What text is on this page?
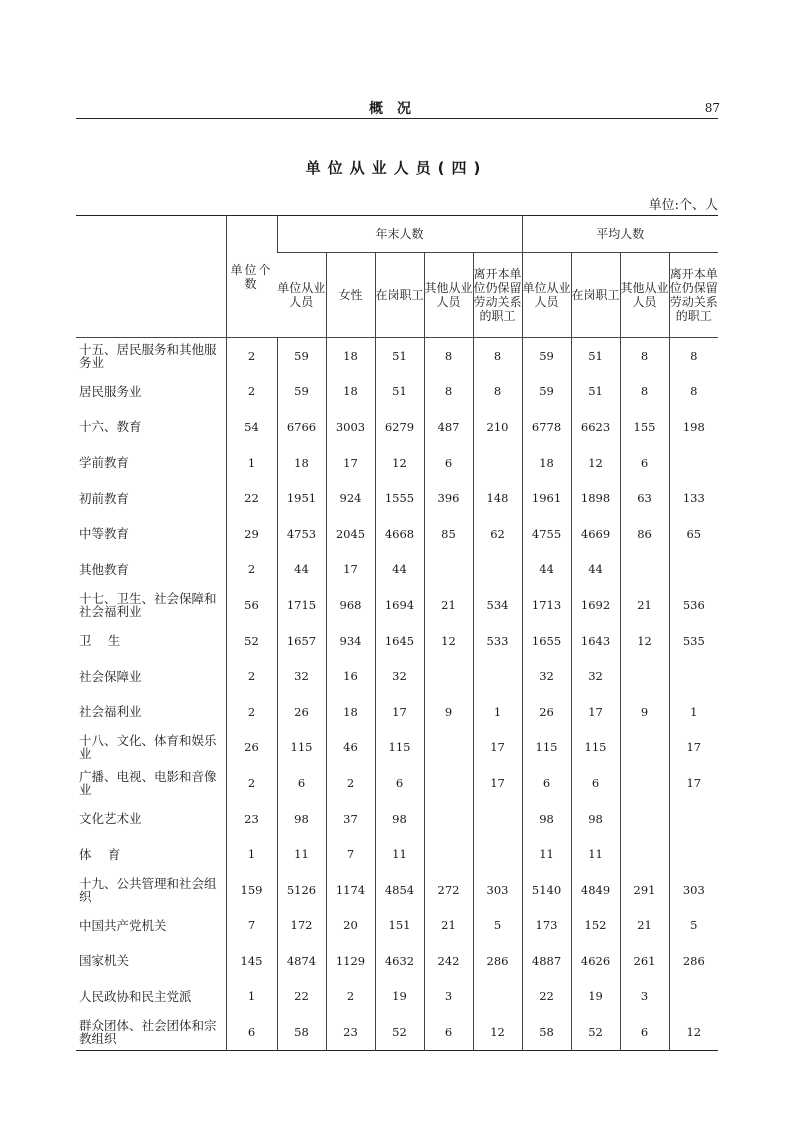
概况	87
单位从业人员(四)
单位:个、人
	单位个数	年末人数					平均人数			
		单位从业人员	女性	在岗职工	其他从业人员	离开本单位仍保留劳动关系的职工	单位从业人员	在岗职工	其他从业人员	离开本单位仍保留劳动关系的职工
十五、居民服务和其他服务业	2	59	18	51	8	8	59	51	8	8
居民服务业	2	59	18	51	8	8	59	51	8	8
十六、教育	54	6766	3003	6279	487	210	6778	6623	155	198
学前教育	1	18	17	12	6		18	12	6	
初前教育	22	1951	924	1555	396	148	1961	1898	63	133
中等教育	29	4753	2045	4668	85	62	4755	4669	86	65
其他教育	2	44	17	44			44	44		
十七、卫生、社会保障和社会福利业	56	1715	968	1694	21	534	1713	1692	21	536
卫生	52	1657	934	1645	12	533	1655	1643	12	535
社会保障业	2	32	16	32			32	32		
社会福利业	2	26	18	17	9	1	26	17	9	1
十八、文化、体育和娱乐业	26	115	46	115		17	115	115		17
广播、电视、电影和音像业	2	6	2	6		17	6	6		17
文化艺术业	23	98	37	98			98	98		
体育	1	11	7	11			11	11		
十九、公共管理和社会组织	159	5126	1174	4854	272	303	5140	4849	291	303
中国共产党机关	7	172	20	151	21	5	173	152	21	5
国家机关	145	4874	1129	4632	242	286	4887	4626	261	286
人民政协和民主党派	1	22	2	19	3		22	19	3	
群众团体、社会团体和宗教组织	6	58	23	52	6	12	58	52	6	12
